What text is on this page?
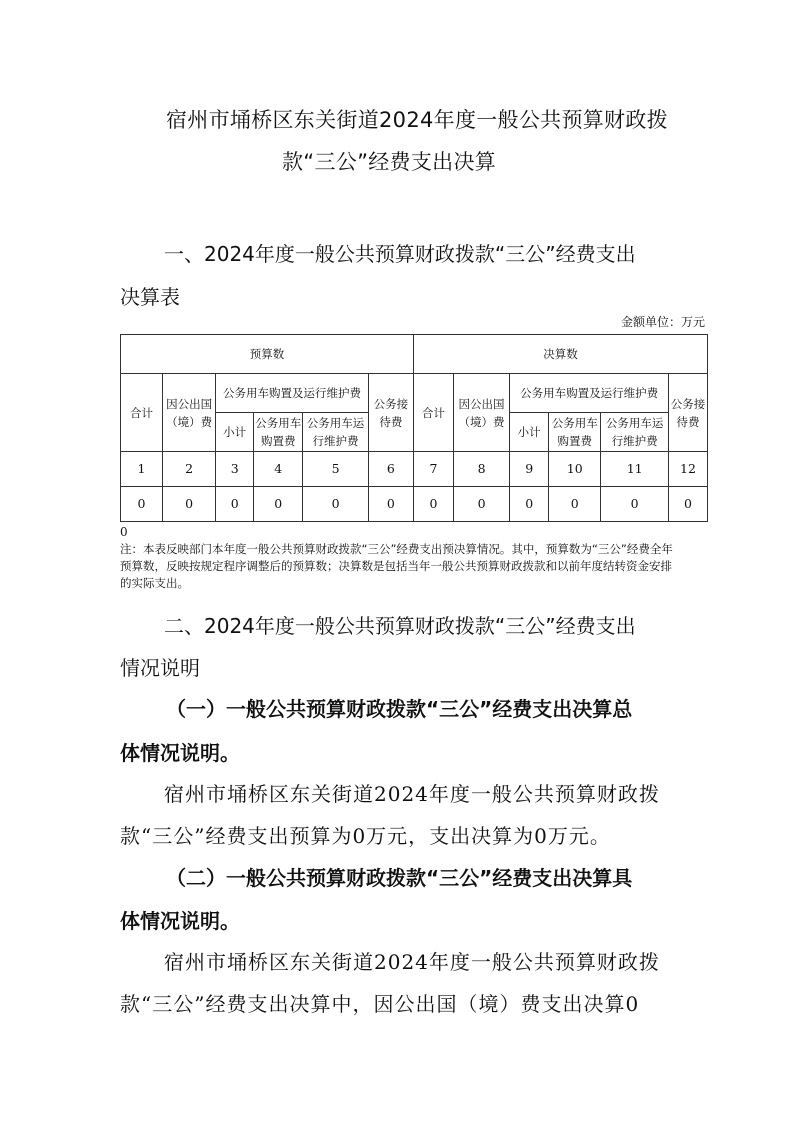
宿州市埇桥区东关街道2024年度一般公共预算财政拨
款“三公”经费支出决算
一、2024年度一般公共预算财政拨款“三公”经费支出
决算表
金额单位：万元
预算数						决算数					
合计	因公出国（境）费	公务用车购置及运行维护费			公务接待费	合计	因公出国（境）费	公务用车购置及运行维护费			公务接待费
		小计	公务用车购置费	公务用车运行维护费				小计	公务用车购置费	公务用车运行维护费	
1	2	3	4	5	6	7	8	9	10	11	12
0	0	0	0	0	0	0	0	0	0	0	0
0
注：本表反映部门本年度一般公共预算财政拨款“三公”经费支出预决算情况。其中，预算数为“三公”经费全年预算数，反映按规定程序调整后的预算数；决算数是包括当年一般公共预算财政拨款和以前年度结转资金安排的实际支出。
二、2024年度一般公共预算财政拨款“三公”经费支出
情况说明
（一）一般公共预算财政拨款“三公”经费支出决算总
体情况说明。
宿州市埇桥区东关街道2024年度一般公共预算财政拨
款“三公”经费支出预算为0万元，支出决算为0万元。
（二）一般公共预算财政拨款“三公”经费支出决算具
体情况说明。
宿州市埇桥区东关街道2024年度一般公共预算财政拨
款“三公”经费支出决算中，因公出国（境）费支出决算0
